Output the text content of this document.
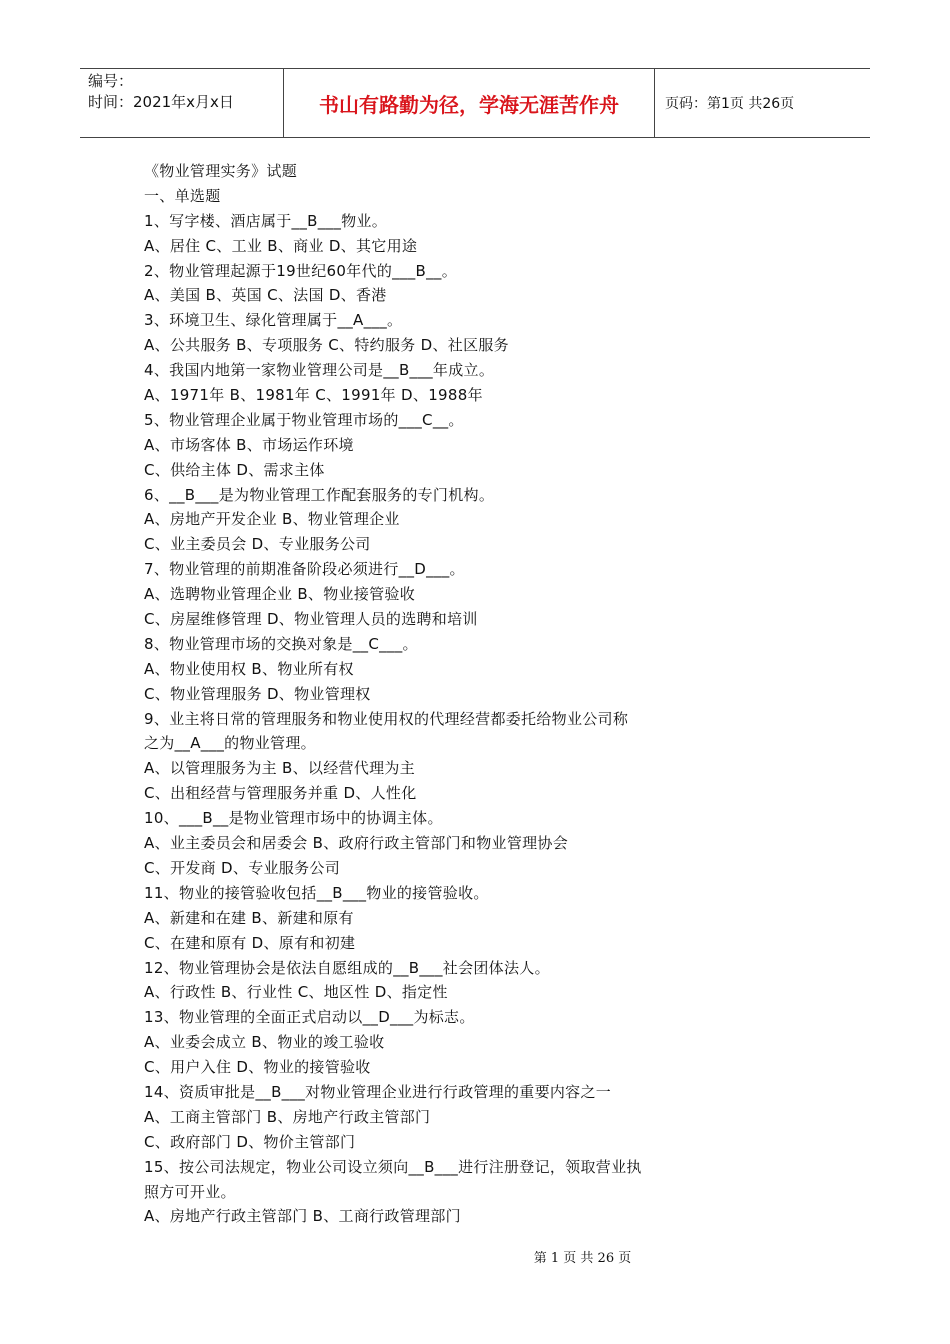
编号：
时间：2021年x月x日	书山有路勤为径，学海无涯苦作舟	页码：第1页 共26页
《物业管理实务》试题
一、单选题
1、写字楼、酒店属于__B___物业。
A、居住 C、工业 B、商业 D、其它用途
2、物业管理起源于19世纪60年代的___B__。
A、美国 B、英国 C、法国 D、香港
3、环境卫生、绿化管理属于__A___。
A、公共服务 B、专项服务 C、特约服务 D、社区服务
4、我国内地第一家物业管理公司是__B___年成立。
A、1971年 B、1981年 C、1991年 D、1988年
5、物业管理企业属于物业管理市场的___C__。
A、市场客体 B、市场运作环境
C、供给主体 D、需求主体
6、__B___是为物业管理工作配套服务的专门机构。
A、房地产开发企业 B、物业管理企业
C、业主委员会 D、专业服务公司
7、物业管理的前期准备阶段必须进行__D___。
A、选聘物业管理企业 B、物业接管验收
C、房屋维修管理 D、物业管理人员的选聘和培训
8、物业管理市场的交换对象是__C___。
A、物业使用权 B、物业所有权
C、物业管理服务 D、物业管理权
9、业主将日常的管理服务和物业使用权的代理经营都委托给物业公司称
之为__A___的物业管理。
A、以管理服务为主 B、以经营代理为主
C、出租经营与管理服务并重 D、人性化
10、___B__是物业管理市场中的协调主体。
A、业主委员会和居委会 B、政府行政主管部门和物业管理协会
C、开发商 D、专业服务公司
11、物业的接管验收包括__B___物业的接管验收。
A、新建和在建 B、新建和原有
C、在建和原有 D、原有和初建
12、物业管理协会是依法自愿组成的__B___社会团体法人。
A、行政性 B、行业性 C、地区性 D、指定性
13、物业管理的全面正式启动以__D___为标志。
A、业委会成立 B、物业的竣工验收
C、用户入住 D、物业的接管验收
14、资质审批是__B___对物业管理企业进行行政管理的重要内容之一
A、工商主管部门 B、房地产行政主管部门
C、政府部门 D、物价主管部门
15、按公司法规定，物业公司设立须向__B___进行注册登记，领取营业执
照方可开业。
A、房地产行政主管部门 B、工商行政管理部门
第 1 页 共 26 页
